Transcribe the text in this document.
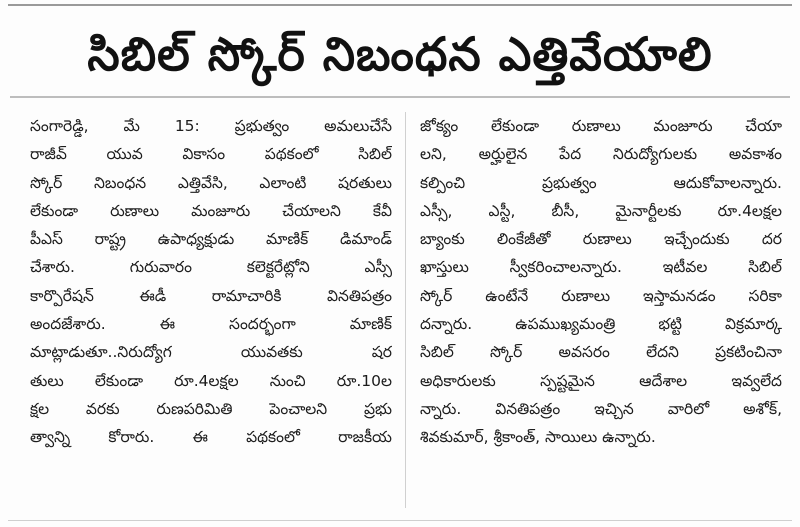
సిబిల్ స్కోర్ నిబంధన ఎత్తివేయాలి
సంగారెడ్డి, మే 15: ప్రభుత్వం అమలుచేసే
రాజీవ్ యువ వికాసం పథకంలో సిబిల్
స్కోర్ నిబంధన ఎత్తివేసి, ఎలాంటి షరతులు
లేకుండా రుణాలు మంజూరు చేయాలని కేవీ
పీఎస్ రాష్ట్ర ఉపాధ్యక్షుడు మాణిక్ డిమాండ్
చేశారు. గురువారం కలెక్టరేట్లోని ఎస్సీ
కార్పొరేషన్ ఈడీ రామాచారికి వినతిపత్రం
అందజేశారు. ఈ సందర్భంగా మాణిక్
మాట్లాడుతూ..నిరుద్యోగ యువతకు షర
తులు లేకుండా రూ.4లక్షల నుంచి రూ.10ల
క్షల వరకు రుణపరిమితి పెంచాలని ప్రభు
త్వాన్ని కోరారు. ఈ పథకంలో రాజకీయ
జోక్యం లేకుండా రుణాలు మంజూరు చేయా
లని, అర్హులైన పేద నిరుద్యోగులకు అవకాశం
కల్పించి ప్రభుత్వం ఆదుకోవాలన్నారు.
ఎస్సీ, ఎస్టీ, బీసీ, మైనార్టీలకు రూ.4లక్షల
బ్యాంకు లింకేజీతో రుణాలు ఇచ్చేందుకు దర
ఖాస్తులు స్వీకరించాలన్నారు. ఇటీవల సిబిల్
స్కోర్ ఉంటేనే రుణాలు ఇస్తామనడం సరికా
దన్నారు. ఉపముఖ్యమంత్రి భట్టి విక్రమార్క
సిబిల్ స్కోర్ అవసరం లేదని ప్రకటించినా
అధికారులకు స్పష్టమైన ఆదేశాల ఇవ్వలేద
న్నారు. వినతిపత్రం ఇచ్చిన వారిలో అశోక్,
శివకుమార్, శ్రీకాంత్, సాయిలు ఉన్నారు.
